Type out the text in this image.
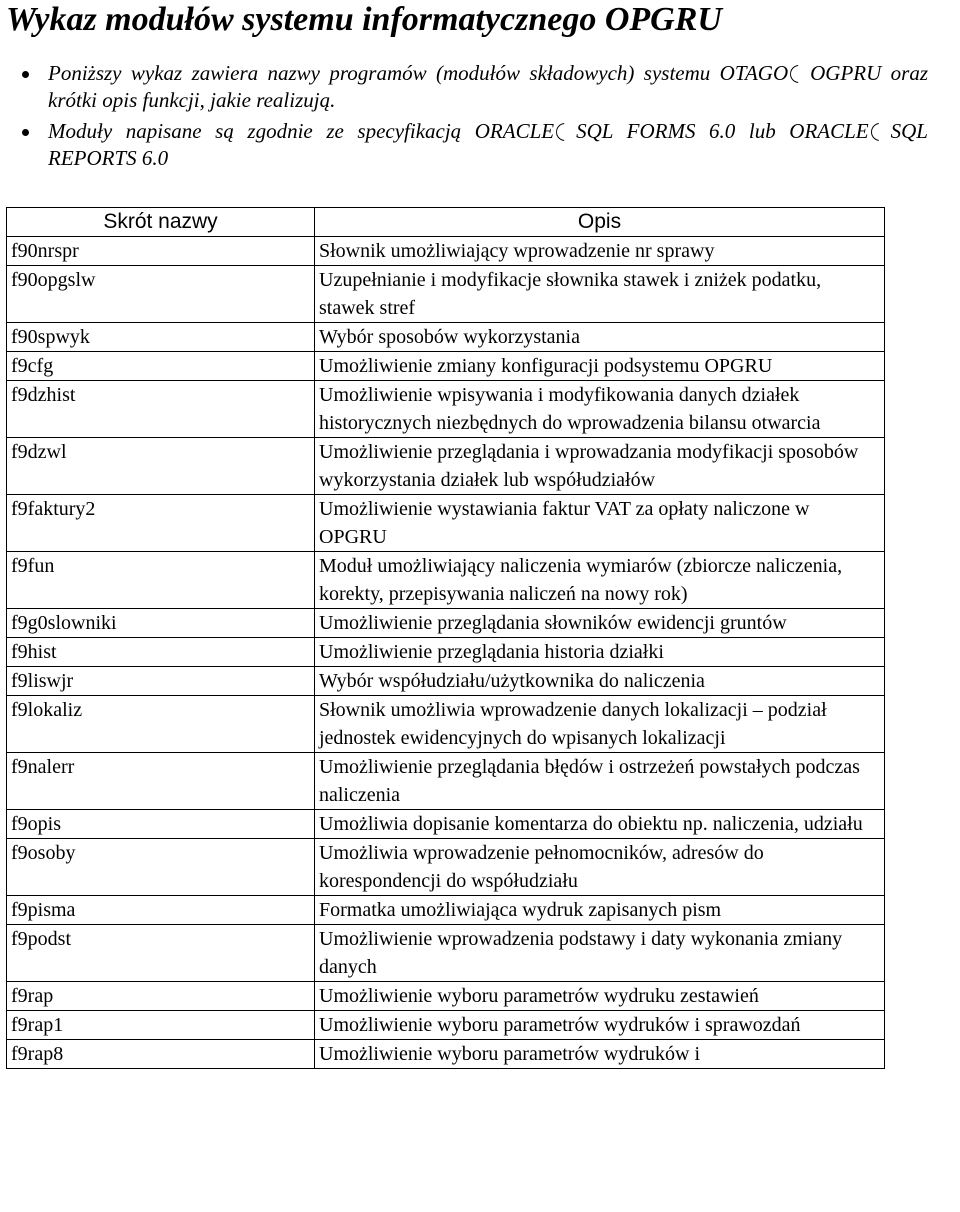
Wykaz modułów systemu informatycznego OPGRU
Poniższy wykaz zawiera nazwy programów (modułów składowych) systemu OTAGO OGPRU oraz krótki opis funkcji, jakie realizują.
Moduły napisane są zgodnie ze specyfikacją ORACLE SQL FORMS 6.0 lub ORACLE SQL REPORTS 6.0
Skrót nazwy	Opis
f90nrspr	Słownik umożliwiający wprowadzenie nr sprawy
f90opgslw	Uzupełnianie i modyfikacje słownika stawek i zniżek podatku, stawek stref
f90spwyk	Wybór sposobów wykorzystania
f9cfg	Umożliwienie zmiany konfiguracji podsystemu OPGRU
f9dzhist	Umożliwienie wpisywania i modyfikowania danych działek historycznych niezbędnych do wprowadzenia bilansu otwarcia
f9dzwl	Umożliwienie przeglądania i wprowadzania modyfikacji sposobów wykorzystania działek lub współudziałów
f9faktury2	Umożliwienie wystawiania faktur VAT za opłaty naliczone w OPGRU
f9fun	Moduł umożliwiający naliczenia wymiarów (zbiorcze naliczenia, korekty, przepisywania naliczeń na nowy rok)
f9g0slowniki	Umożliwienie przeglądania słowników ewidencji gruntów
f9hist	Umożliwienie przeglądania historia działki
f9liswjr	Wybór współudziału/użytkownika do naliczenia
f9lokaliz	Słownik umożliwia wprowadzenie danych lokalizacji – podział jednostek ewidencyjnych do wpisanych lokalizacji
f9nalerr	Umożliwienie przeglądania błędów i ostrzeżeń powstałych podczas naliczenia
f9opis	Umożliwia dopisanie komentarza do obiektu np. naliczenia, udziału
f9osoby	Umożliwia wprowadzenie pełnomocników, adresów do korespondencji do współudziału
f9pisma	Formatka umożliwiająca wydruk zapisanych pism
f9podst	Umożliwienie wprowadzenia podstawy i daty wykonania zmiany danych
f9rap	Umożliwienie wyboru parametrów wydruku zestawień
f9rap1	Umożliwienie wyboru parametrów wydruków i sprawozdań
f9rap8	Umożliwienie wyboru parametrów wydruków i
